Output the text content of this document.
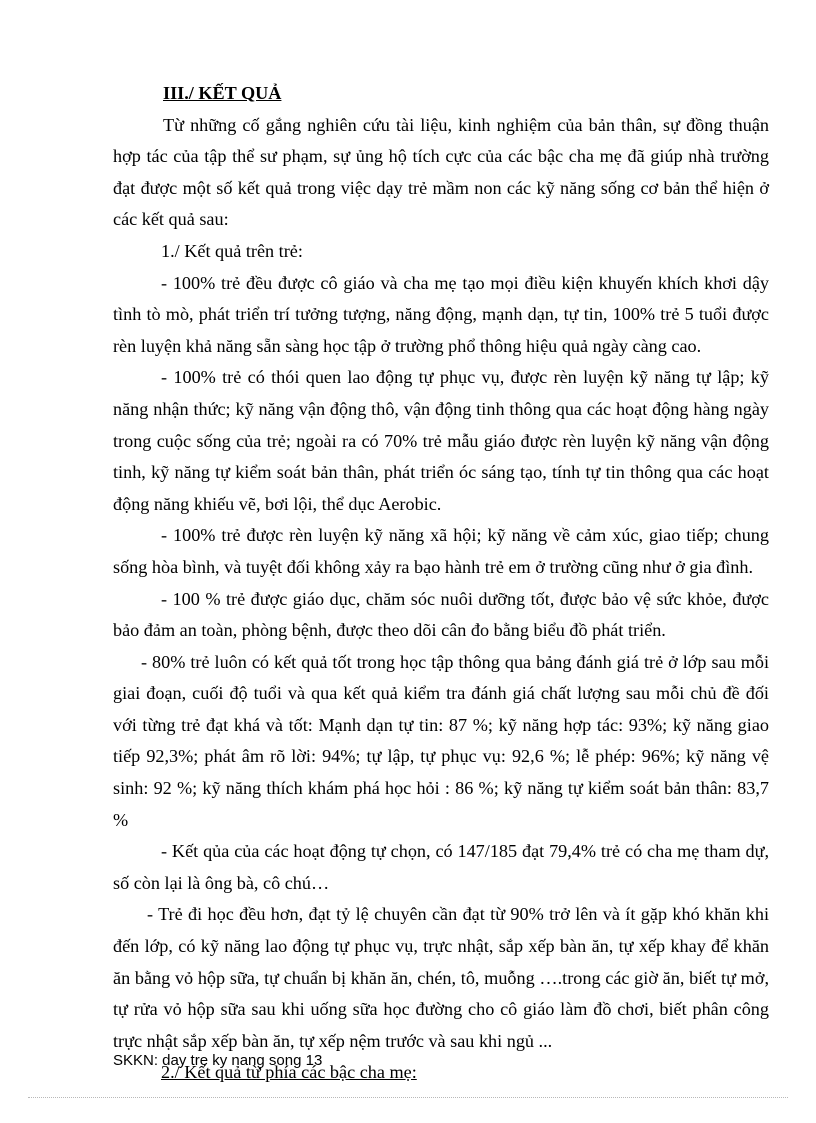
III./ KẾT QUẢ

Từ những cố gắng nghiên cứu tài liệu, kinh nghiệm của bản thân, sự đồng thuận hợp tác của tập thể sư phạm, sự ủng hộ tích cực của các bậc cha mẹ đã giúp nhà trường đạt được một số kết quả trong việc dạy trẻ mầm non các kỹ năng sống cơ bản thể hiện ở các kết quả sau:

1./ Kết quả trên trẻ:

- 100% trẻ đều được cô giáo và cha mẹ tạo mọi điều kiện khuyến khích khơi dậy tình tò mò, phát triển trí tưởng tượng, năng động, mạnh dạn, tự tin, 100% trẻ 5 tuổi được rèn luyện khả năng sẵn sàng học tập ở trường phổ thông hiệu quả ngày càng cao.

- 100% trẻ có thói quen lao động tự phục vụ, được rèn luyện kỹ năng tự lập; kỹ năng nhận thức; kỹ năng vận động thô, vận động tinh thông qua các hoạt động hàng ngày trong cuộc sống của trẻ; ngoài ra có 70% trẻ mẫu giáo được rèn luyện kỹ năng vận động tinh, kỹ năng tự kiểm soát bản thân, phát triển óc sáng tạo, tính tự tin thông qua các hoạt động năng khiếu vẽ, bơi lội, thể dục Aerobic.

- 100% trẻ được rèn luyện kỹ năng xã hội; kỹ năng về cảm xúc, giao tiếp; chung sống hòa bình, và tuyệt đối không xảy ra bạo hành trẻ em ở trường cũng như ở gia đình.

- 100 % trẻ được giáo dục, chăm sóc nuôi dưỡng tốt, được bảo vệ sức khỏe, được bảo đảm an toàn, phòng bệnh, được theo dõi cân đo bằng biểu đồ phát triển.

- 80% trẻ luôn có kết quả tốt trong học tập thông qua bảng đánh giá trẻ ở lớp sau mỗi giai đoạn, cuối độ tuổi và qua kết quả kiểm tra đánh giá chất lượng sau mỗi chủ đề đối với từng trẻ đạt khá và tốt: Mạnh dạn tự tin: 87 %; kỹ năng hợp tác: 93%; kỹ năng giao tiếp 92,3%; phát âm rõ lời: 94%; tự lập, tự phục vụ: 92,6 %; lễ phép: 96%; kỹ năng vệ sinh: 92 %; kỹ năng thích khám phá học hỏi : 86 %; kỹ năng tự kiểm soát bản thân: 83,7 %

- Kết qủa của các hoạt động tự chọn, có 147/185 đạt 79,4% trẻ có cha mẹ tham dự, số còn lại là ông bà, cô chú…

- Trẻ đi học đều hơn, đạt tỷ lệ chuyên cần đạt từ 90% trở lên và ít gặp khó khăn khi đến lớp, có kỹ năng lao động tự phục vụ, trực nhật, sắp xếp bàn ăn, tự xếp khay để khăn ăn bằng vỏ hộp sữa, tự chuẩn bị khăn ăn, chén, tô, muỗng ….trong các giờ ăn, biết tự mở, tự rửa vỏ hộp sữa sau khi uống sữa học đường cho cô giáo làm đồ chơi, biết phân công trực nhật sắp xếp bàn ăn, tự xếp nệm trước và sau khi ngủ ...

2./ Kết quả từ phía các bậc cha mẹ:
SKKN: day tre ky nang song 13
